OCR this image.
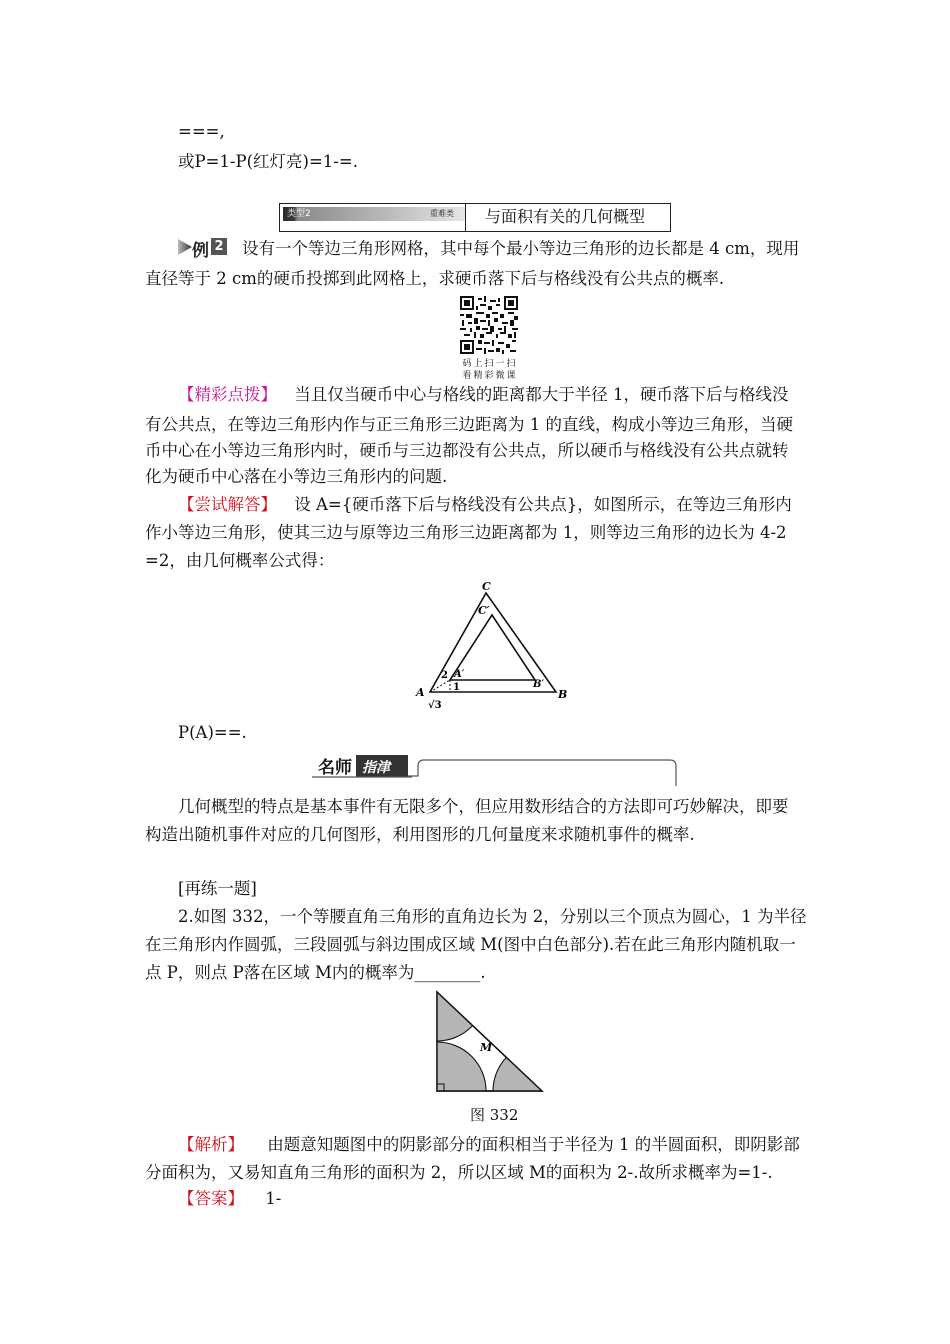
===,
或P=1-P(红灯亮)=1-=.
类型2	重难类 与面积有关的几何概型
例 2 设有一个等边三角形网格，其中每个最小等边三角形的边长都是 4 cm，现用
直径等于 2 cm的硬币投掷到此网格上，求硬币落下后与格线没有公共点的概率.
码上扫一扫
看精彩微课
【精彩点拨】 当且仅当硬币中心与格线的距离都大于半径 1，硬币落下后与格线没
有公共点，在等边三角形内作与正三角形三边距离为 1 的直线，构成小等边三角形，当硬
币中心在小等边三角形内时，硬币与三边都没有公共点，所以硬币与格线没有公共点就转
化为硬币中心落在小等边三角形内的问题.
【尝试解答】 设 A={硬币落下后与格线没有公共点}，如图所示，在等边三角形内
作小等边三角形，使其三边与原等边三角形三边距离都为 1，则等边三角形的边长为 4-2
=2，由几何概率公式得：
C
C′
A	B
A′
B′
2
1
√3
P(A)==.
名师 指津
几何概型的特点是基本事件有无限多个，但应用数形结合的方法即可巧妙解决，即要
构造出随机事件对应的几何图形，利用图形的几何量度来求随机事件的概率.
[再练一题]
2.如图 332，一个等腰直角三角形的直角边长为 2，分别以三个顶点为圆心，1 为半径
在三角形内作圆弧，三段圆弧与斜边围成区域 M(图中白色部分).若在此三角形内随机取一
点 P，则点 P落在区域 M内的概率为________.
M
图 332
【解析】 由题意知题图中的阴影部分的面积相当于半径为 1 的半圆面积，即阴影部
分面积为，又易知直角三角形的面积为 2，所以区域 M的面积为 2-.故所求概率为=1-.
【答案】 1-
